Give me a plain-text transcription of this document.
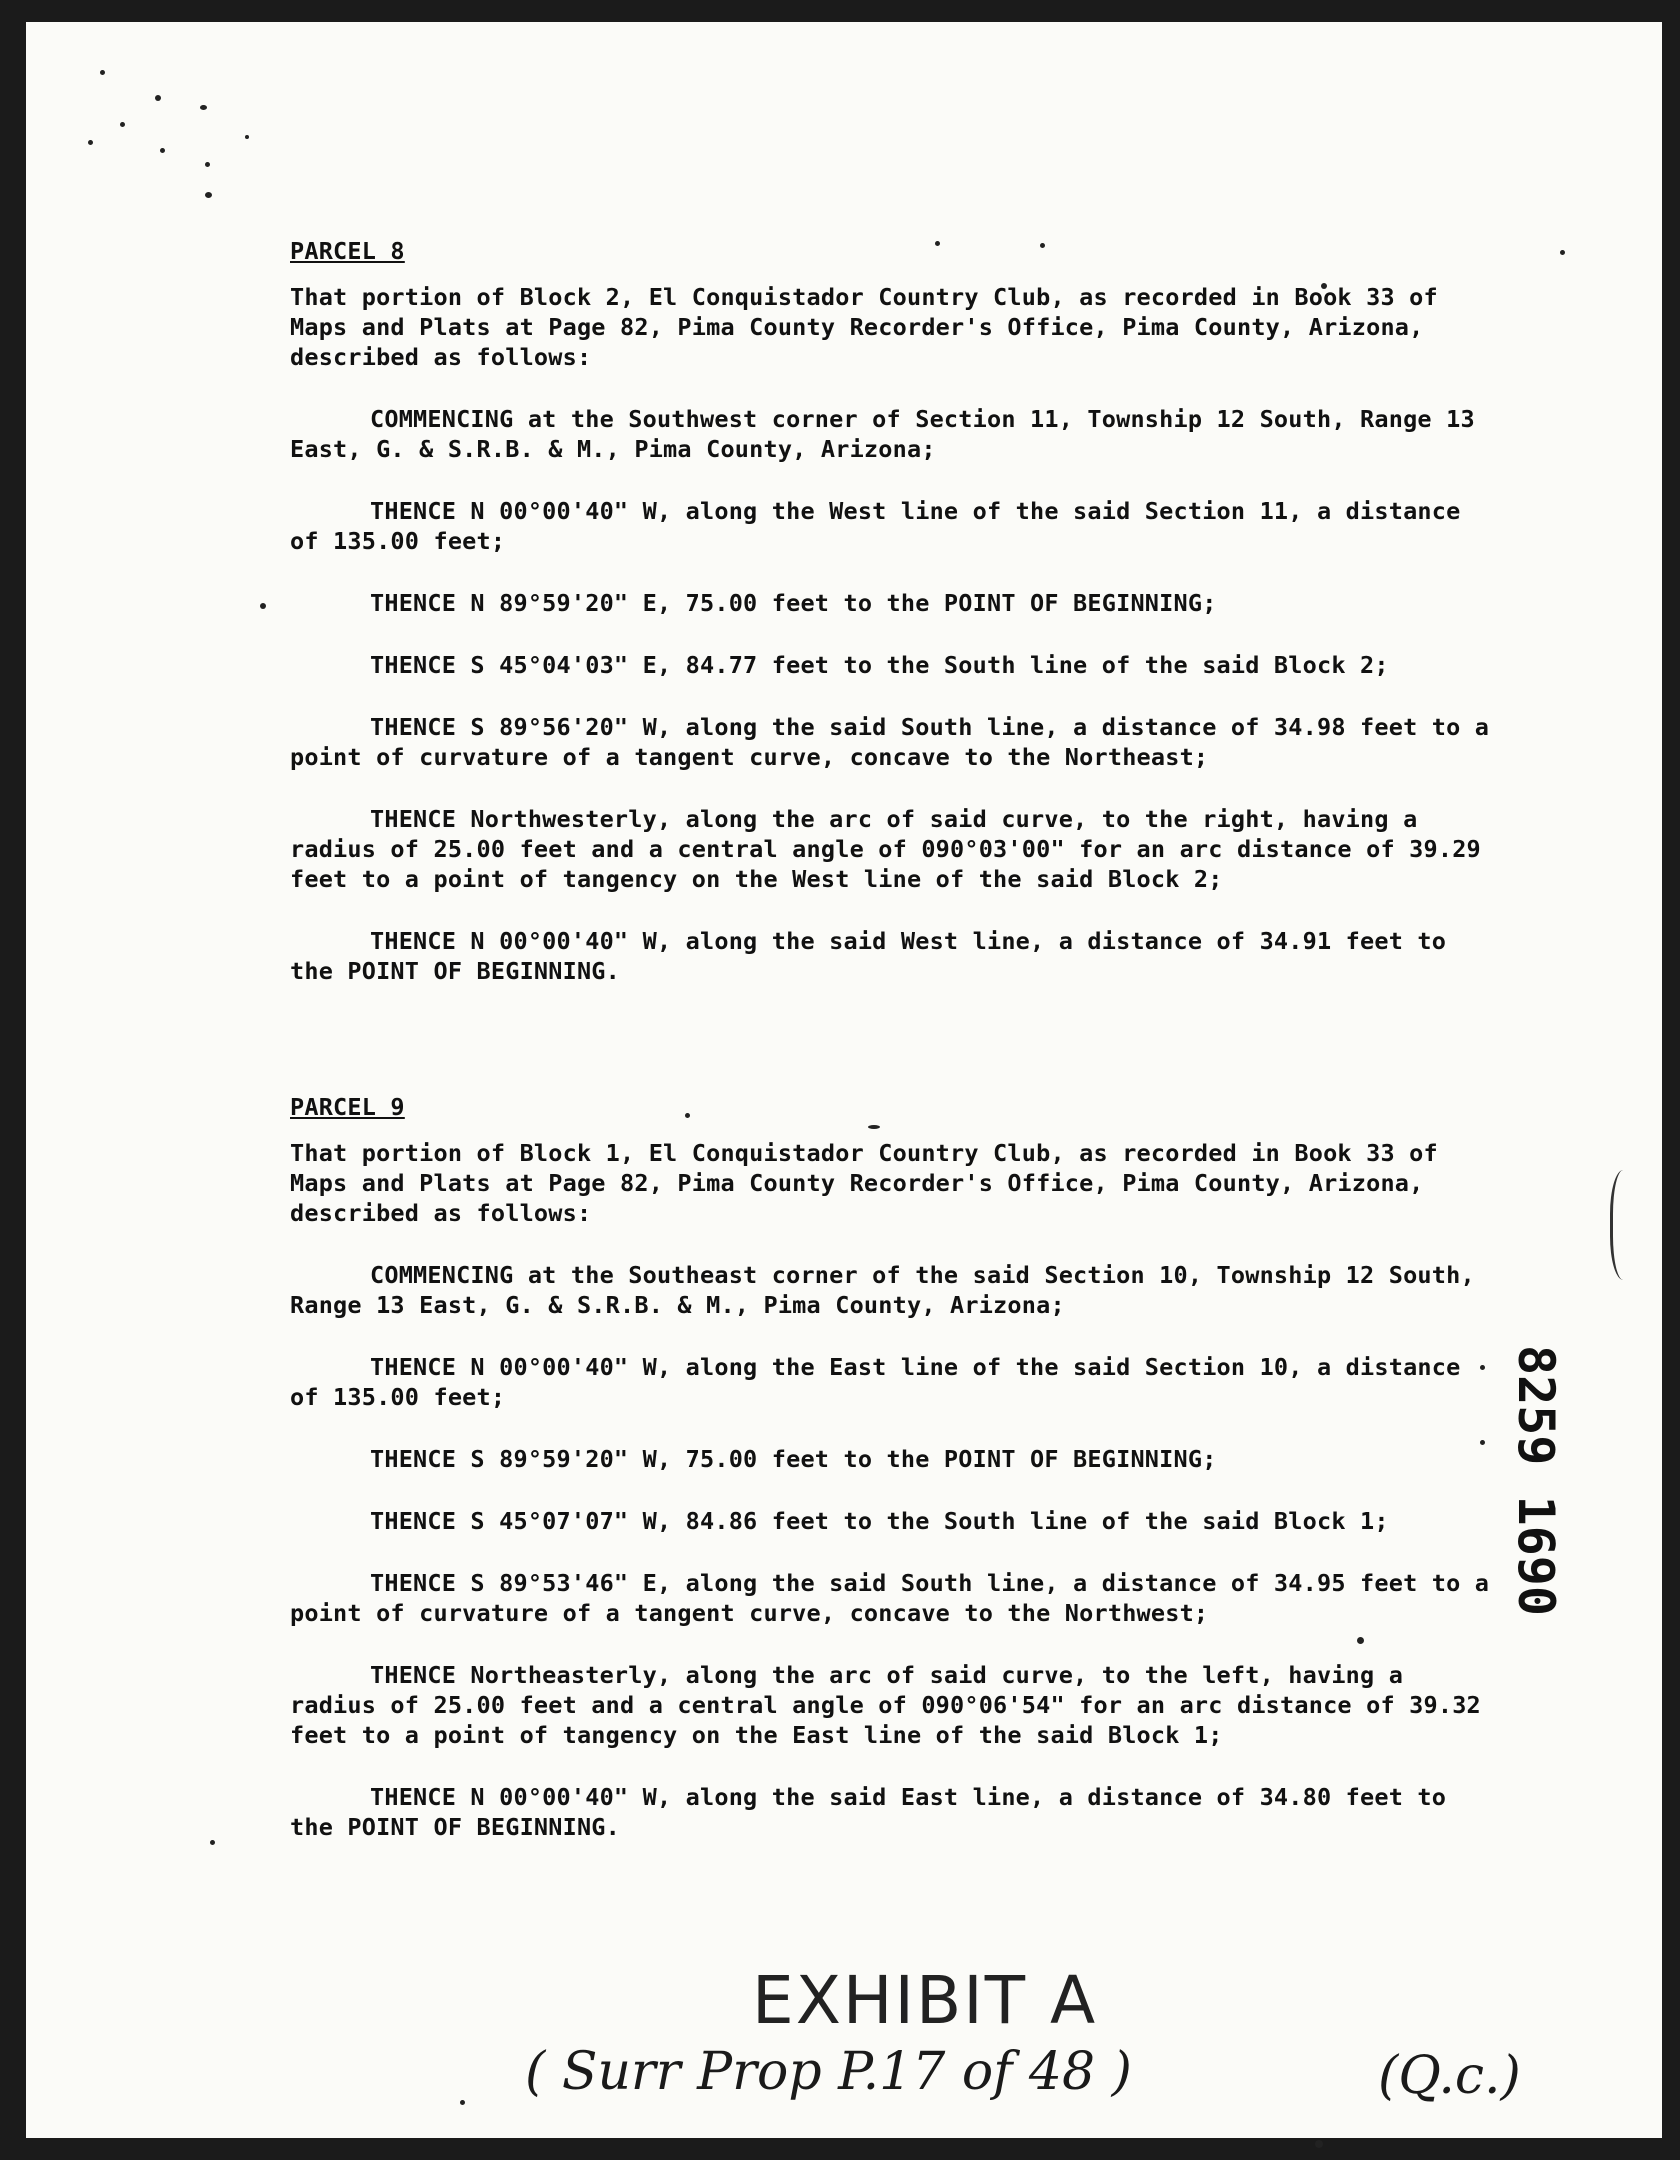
PARCEL 8
That portion of Block 2, El Conquistador Country Club, as recorded in Book 33 of Maps and Plats at Page 82, Pima County Recorder's Office, Pima County, Arizona, described as follows:
COMMENCING at the Southwest corner of Section 11, Township 12 South, Range 13 East, G. & S.R.B. & M., Pima County, Arizona;
THENCE N 00°00'40" W, along the West line of the said Section 11, a distance of 135.00 feet;
THENCE N 89°59'20" E, 75.00 feet to the POINT OF BEGINNING;
THENCE S 45°04'03" E, 84.77 feet to the South line of the said Block 2;
THENCE S 89°56'20" W, along the said South line, a distance of 34.98 feet to a point of curvature of a tangent curve, concave to the Northeast;
THENCE Northwesterly, along the arc of said curve, to the right, having a radius of 25.00 feet and a central angle of 090°03'00" for an arc distance of 39.29 feet to a point of tangency on the West line of the said Block 2;
THENCE N 00°00'40" W, along the said West line, a distance of 34.91 feet to the POINT OF BEGINNING.
PARCEL 9
That portion of Block 1, El Conquistador Country Club, as recorded in Book 33 of Maps and Plats at Page 82, Pima County Recorder's Office, Pima County, Arizona, described as follows:
COMMENCING at the Southeast corner of the said Section 10, Township 12 South, Range 13 East, G. & S.R.B. & M., Pima County, Arizona;
THENCE N 00°00'40" W, along the East line of the said Section 10, a distance of 135.00 feet;
THENCE S 89°59'20" W, 75.00 feet to the POINT OF BEGINNING;
THENCE S 45°07'07" W, 84.86 feet to the South line of the said Block 1;
THENCE S 89°53'46" E, along the said South line, a distance of 34.95 feet to a point of curvature of a tangent curve, concave to the Northwest;
THENCE Northeasterly, along the arc of said curve, to the left, having a radius of 25.00 feet and a central angle of 090°06'54" for an arc distance of 39.32 feet to a point of tangency on the East line of the said Block 1;
THENCE N 00°00'40" W, along the said East line, a distance of 34.80 feet to the POINT OF BEGINNING.
8259 1690
EXHIBIT A
( Surr Prop P.17 of 48 )	(Q.c.)
